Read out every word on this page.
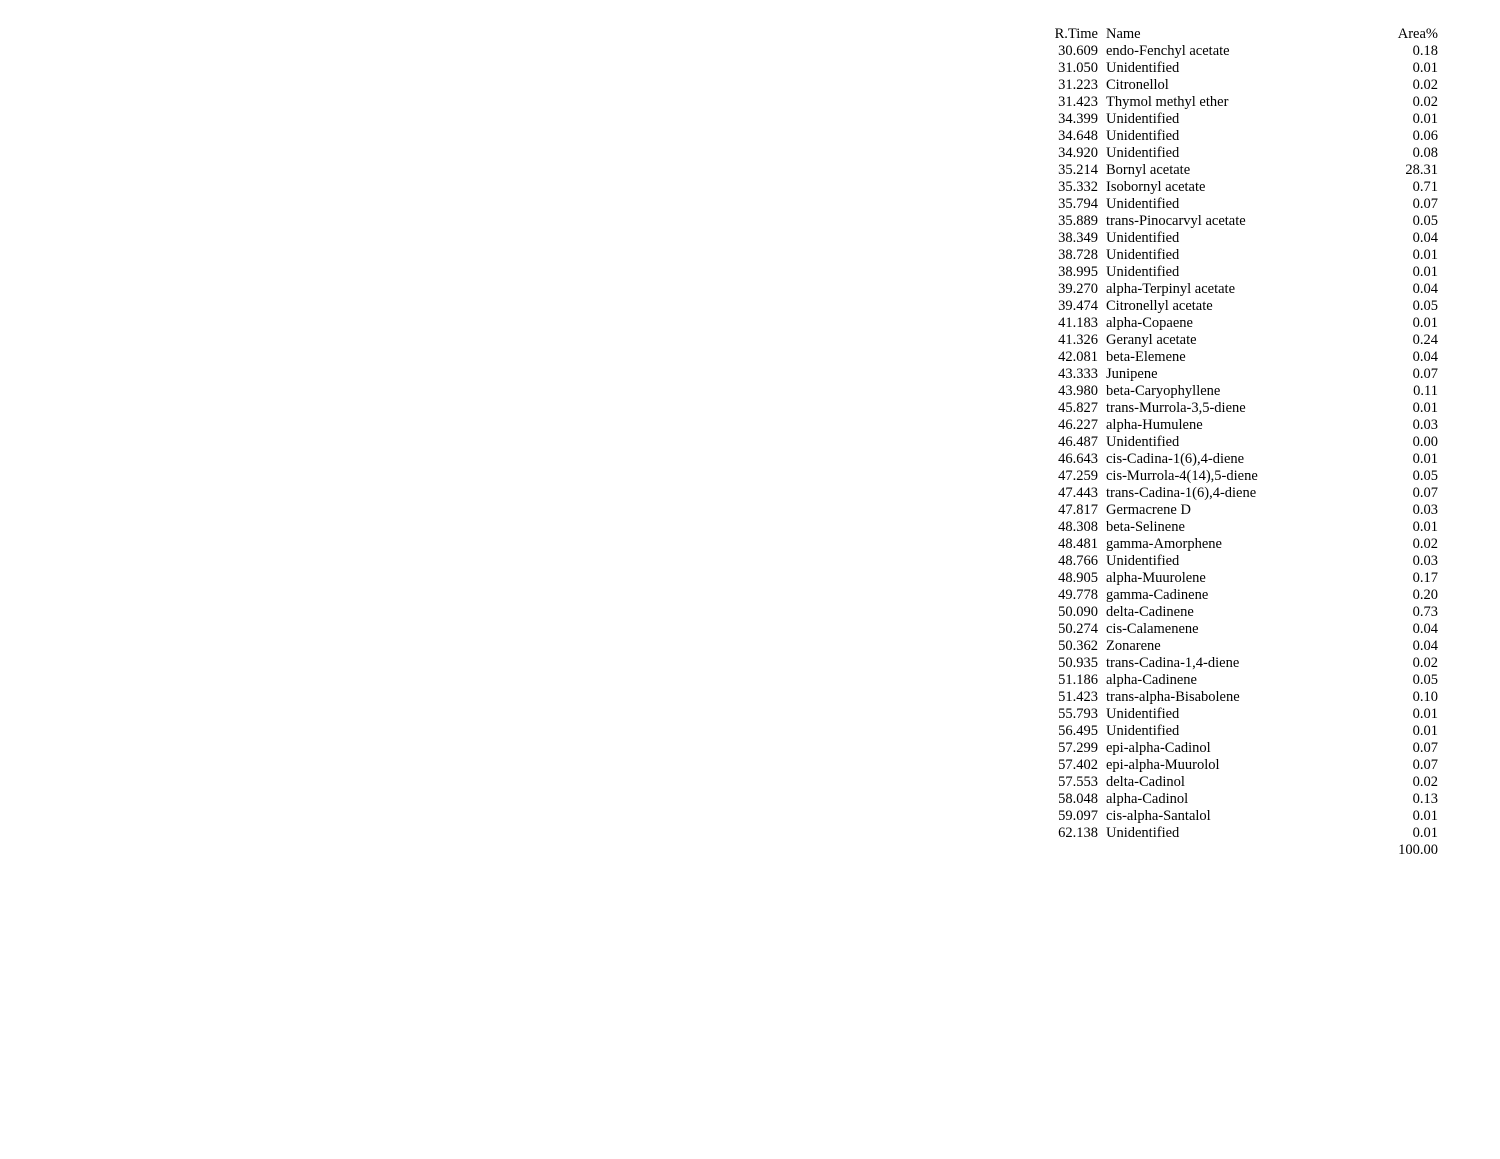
R.Time Name	Area%
30.609 endo-Fenchyl acetate	0.18
31.050 Unidentified	0.01
31.223 Citronellol	0.02
31.423 Thymol methyl ether	0.02
34.399 Unidentified	0.01
34.648 Unidentified	0.06
34.920 Unidentified	0.08
35.214 Bornyl acetate	28.31
35.332 Isobornyl acetate	0.71
35.794 Unidentified	0.07
35.889 trans-Pinocarvyl acetate	0.05
38.349 Unidentified	0.04
38.728 Unidentified	0.01
38.995 Unidentified	0.01
39.270 alpha-Terpinyl acetate	0.04
39.474 Citronellyl acetate	0.05
41.183 alpha-Copaene	0.01
41.326 Geranyl acetate	0.24
42.081 beta-Elemene	0.04
43.333 Junipene	0.07
43.980 beta-Caryophyllene	0.11
45.827 trans-Murrola-3,5-diene	0.01
46.227 alpha-Humulene	0.03
46.487 Unidentified	0.00
46.643 cis-Cadina-1(6),4-diene	0.01
47.259 cis-Murrola-4(14),5-diene	0.05
47.443 trans-Cadina-1(6),4-diene	0.07
47.817 Germacrene D	0.03
48.308 beta-Selinene	0.01
48.481 gamma-Amorphene	0.02
48.766 Unidentified	0.03
48.905 alpha-Muurolene	0.17
49.778 gamma-Cadinene	0.20
50.090 delta-Cadinene	0.73
50.274 cis-Calamenene	0.04
50.362 Zonarene	0.04
50.935 trans-Cadina-1,4-diene	0.02
51.186 alpha-Cadinene	0.05
51.423 trans-alpha-Bisabolene	0.10
55.793 Unidentified	0.01
56.495 Unidentified	0.01
57.299 epi-alpha-Cadinol	0.07
57.402 epi-alpha-Muurolol	0.07
57.553 delta-Cadinol	0.02
58.048 alpha-Cadinol	0.13
59.097 cis-alpha-Santalol	0.01
62.138 Unidentified	0.01
100.00
